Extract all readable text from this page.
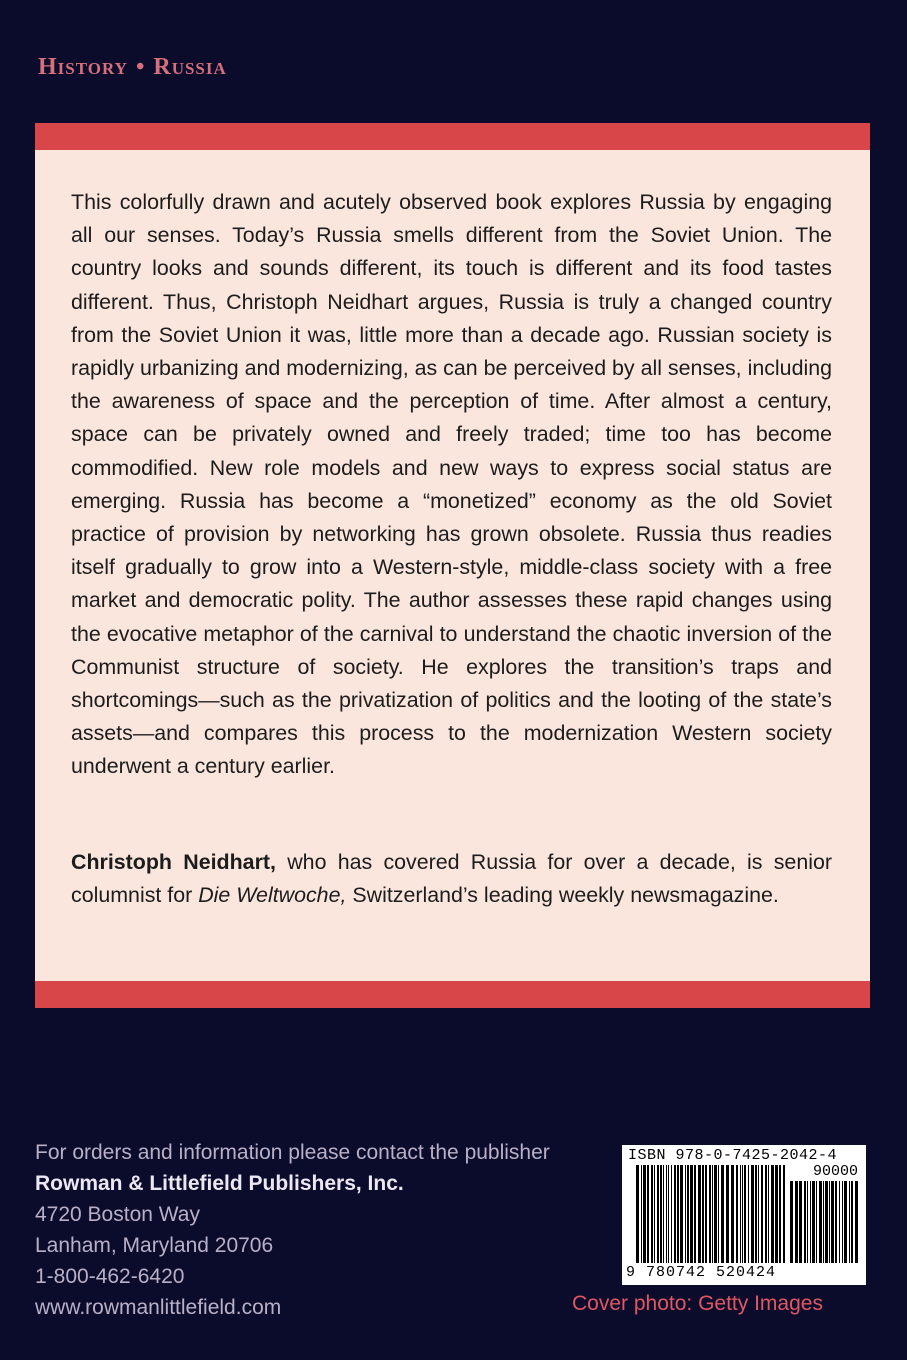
History • Russia

This colorfully drawn and acutely observed book explores Russia by engaging all our senses. Today’s Russia smells different from the Soviet Union. The country looks and sounds different, its touch is different and its food tastes different. Thus, Christoph Neidhart argues, Russia is truly a changed country from the Soviet Union it was, little more than a decade ago. Russian society is rapidly urbanizing and modernizing, as can be perceived by all senses, including the awareness of space and the perception of time. After almost a century, space can be privately owned and freely traded; time too has become commodified. New role models and new ways to express social status are emerging. Russia has become a “monetized” economy as the old Soviet practice of provision by networking has grown obsolete. Russia thus readies itself gradually to grow into a Western-style, middle-class society with a free market and democratic polity. The author assesses these rapid changes using the evocative metaphor of the carnival to understand the chaotic inversion of the Communist structure of society. He explores the transition’s traps and shortcomings—such as the privatization of politics and the looting of the state’s assets—and compares this process to the modernization Western society underwent a century earlier.

Christoph Neidhart, who has covered Russia for over a decade, is senior columnist for Die Weltwoche, Switzerland’s leading weekly newsmagazine.

For orders and information please contact the publisher
Rowman & Littlefield Publishers, Inc.
4720 Boston Way
Lanham, Maryland 20706
1-800-462-6420
www.rowmanlittlefield.com
ISBN 978-0-7425-2042-4
90000
9 780742 520424
Cover photo: Getty Images
